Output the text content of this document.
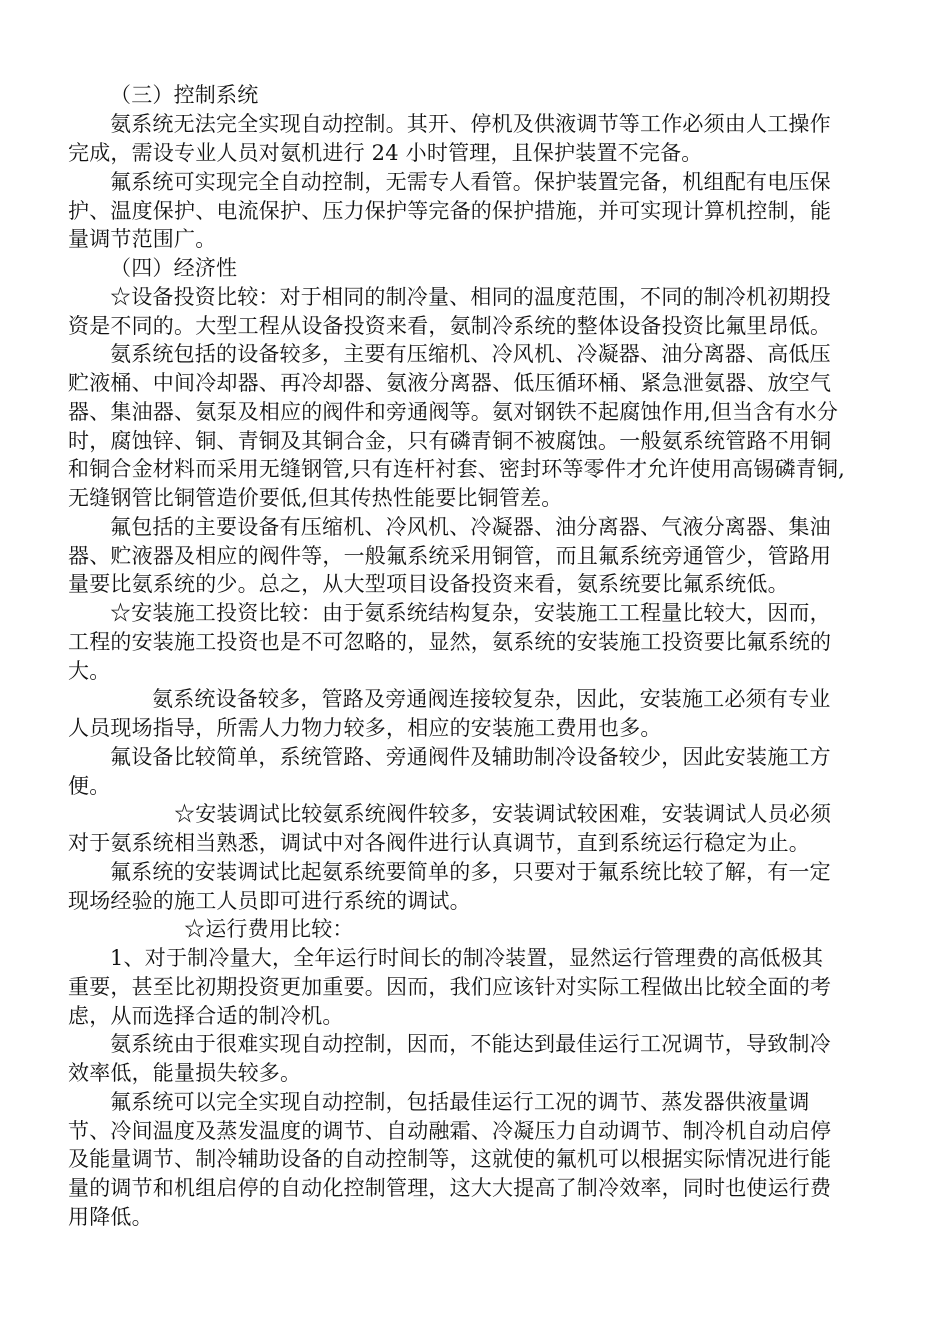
（三）控制系统
氨系统无法完全实现自动控制。其开、停机及供液调节等工作必须由人工操作
完成，需设专业人员对氨机进行 24 小时管理，且保护装置不完备。
氟系统可实现完全自动控制，无需专人看管。保护装置完备，机组配有电压保
护、温度保护、电流保护、压力保护等完备的保护措施，并可实现计算机控制，能
量调节范围广。
（四）经济性
☆设备投资比较：对于相同的制冷量、相同的温度范围，不同的制冷机初期投
资是不同的。大型工程从设备投资来看，氨制冷系统的整体设备投资比氟里昂低。
氨系统包括的设备较多，主要有压缩机、冷风机、冷凝器、油分离器、高低压
贮液桶、中间冷却器、再冷却器、氨液分离器、低压循环桶、紧急泄氨器、放空气
器、集油器、氨泵及相应的阀件和旁通阀等。氨对钢铁不起腐蚀作用,但当含有水分
时，腐蚀锌、铜、青铜及其铜合金，只有磷青铜不被腐蚀。一般氨系统管路不用铜
和铜合金材料而采用无缝钢管,只有连杆衬套、密封环等零件才允许使用高锡磷青铜,
无缝钢管比铜管造价要低,但其传热性能要比铜管差。
氟包括的主要设备有压缩机、冷风机、冷凝器、油分离器、气液分离器、集油
器、贮液器及相应的阀件等，一般氟系统采用铜管，而且氟系统旁通管少，管路用
量要比氨系统的少。总之，从大型项目设备投资来看，氨系统要比氟系统低。
☆安装施工投资比较：由于氨系统结构复杂，安装施工工程量比较大，因而，
工程的安装施工投资也是不可忽略的，显然，氨系统的安装施工投资要比氟系统的
大。
氨系统设备较多，管路及旁通阀连接较复杂，因此，安装施工必须有专业
人员现场指导，所需人力物力较多，相应的安装施工费用也多。
氟设备比较简单，系统管路、旁通阀件及辅助制冷设备较少，因此安装施工方
便。
☆安装调试比较氨系统阀件较多，安装调试较困难，安装调试人员必须
对于氨系统相当熟悉，调试中对各阀件进行认真调节，直到系统运行稳定为止。
氟系统的安装调试比起氨系统要简单的多，只要对于氟系统比较了解，有一定
现场经验的施工人员即可进行系统的调试。
☆运行费用比较：
1、对于制冷量大，全年运行时间长的制冷装置，显然运行管理费的高低极其
重要，甚至比初期投资更加重要。因而，我们应该针对实际工程做出比较全面的考
虑，从而选择合适的制冷机。
氨系统由于很难实现自动控制，因而，不能达到最佳运行工况调节，导致制冷
效率低，能量损失较多。
氟系统可以完全实现自动控制，包括最佳运行工况的调节、蒸发器供液量调
节、冷间温度及蒸发温度的调节、自动融霜、冷凝压力自动调节、制冷机自动启停
及能量调节、制冷辅助设备的自动控制等，这就使的氟机可以根据实际情况进行能
量的调节和机组启停的自动化控制管理，这大大提高了制冷效率，同时也使运行费
用降低。
